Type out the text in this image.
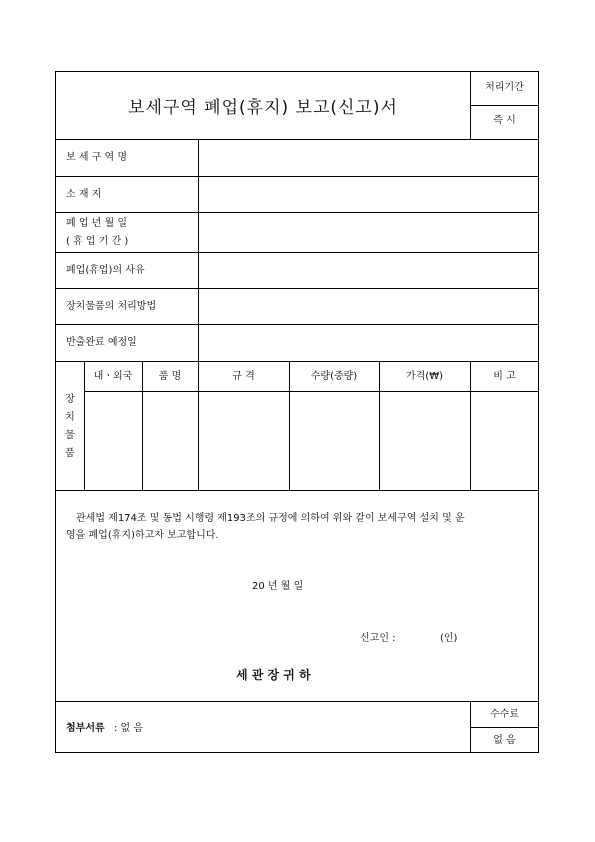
보세구역 폐업(휴지) 보고(신고)서
처리기간
즉 시
보 세 구 역 명
소 재 지
폐 업 년 월 일
( 휴 업 기 간 )
폐업(휴업)의 사유
장치물품의 처리방법
반출완료 예정일
장
치
물
품
내ㆍ외국	품 명	규 격	수량(중량)	가격(₩)	비 고
관세법 제174조 및 동법 시행령 제193조의 규정에 의하여 위와 같이 보세구역 설치 및 운
영을 폐업(휴지)하고자 보고합니다.
20 년 월 일
신고인 :	(인)
세 관 장 귀 하
첨부서류 : 없 음
수수료
없 음
